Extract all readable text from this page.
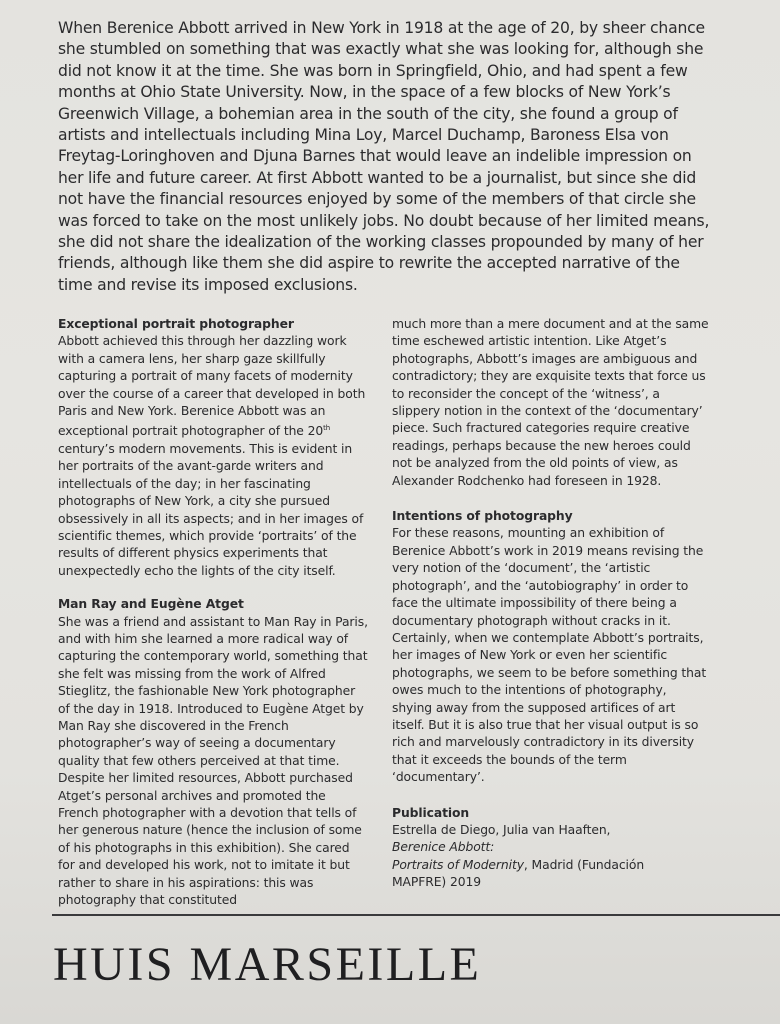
When Berenice Abbott arrived in New York in 1918 at the age of 20, by sheer chance she stumbled on something that was exactly what she was looking for, although she did not know it at the time. She was born in Springfield, Ohio, and had spent a few months at Ohio State University. Now, in the space of a few blocks of New York’s Greenwich Village, a bohemian area in the south of the city, she found a group of artists and intellectuals including Mina Loy, Marcel Duchamp, Baroness Elsa von Freytag-Loringhoven and Djuna Barnes that would leave an indelible impression on her life and future career. At first Abbott wanted to be a journalist, but since she did not have the financial resources enjoyed by some of the members of that circle she was forced to take on the most unlikely jobs. No doubt because of her limited means, she did not share the idealization of the working classes propounded by many of her friends, although like them she did aspire to rewrite the accepted narrative of the time and revise its imposed exclusions.

Exceptional portrait photographer

Abbott achieved this through her dazzling work with a camera lens, her sharp gaze skillfully capturing a portrait of many facets of modernity over the course of a career that developed in both Paris and New York. Berenice Abbott was an exceptional portrait photographer of the 20th century’s modern movements. This is evident in her portraits of the avant-garde writers and intellectuals of the day; in her fascinating photographs of New York, a city she pursued obsessively in all its aspects; and in her images of scientific themes, which provide ‘portraits’ of the results of different physics experiments that unexpectedly echo the lights of the city itself.

Man Ray and Eugène Atget

She was a friend and assistant to Man Ray in Paris, and with him she learned a more radical way of capturing the contemporary world, something that she felt was missing from the work of Alfred Stieglitz, the fashionable New York photographer of the day in 1918. Introduced to Eugène Atget by Man Ray she discovered in the French photographer’s way of seeing a documentary quality that few others perceived at that time. Despite her limited resources, Abbott purchased Atget’s personal archives and promoted the French photographer with a devotion that tells of her generous nature (hence the inclusion of some of his photographs in this exhibition). She cared for and developed his work, not to imitate it but rather to share in his aspirations: this was photography that constituted

much more than a mere document and at the same time eschewed artistic intention. Like Atget’s photographs, Abbott’s images are ambiguous and contradictory; they are exquisite texts that force us to reconsider the concept of the ‘witness’, a slippery notion in the context of the ‘documentary’ piece. Such fractured categories require creative readings, perhaps because the new heroes could not be analyzed from the old points of view, as Alexander Rodchenko had foreseen in 1928.

Intentions of photography

For these reasons, mounting an exhibition of Berenice Abbott’s work in 2019 means revising the very notion of the ‘document’, the ‘artistic photograph’, and the ‘autobiography’ in order to face the ultimate impossibility of there being a documentary photograph without cracks in it. Certainly, when we contemplate Abbott’s portraits, her images of New York or even her scientific photographs, we seem to be before something that owes much to the intentions of photography, shying away from the supposed artifices of art itself. But it is also true that her visual output is so rich and marvelously contradictory in its diversity that it exceeds the bounds of the term ‘documentary’.

Publication
Estrella de Diego, Julia van Haaften,
Berenice Abbott:
Portraits of Modernity, Madrid (Fundación
MAPFRE) 2019
HUIS MARSEILLE
